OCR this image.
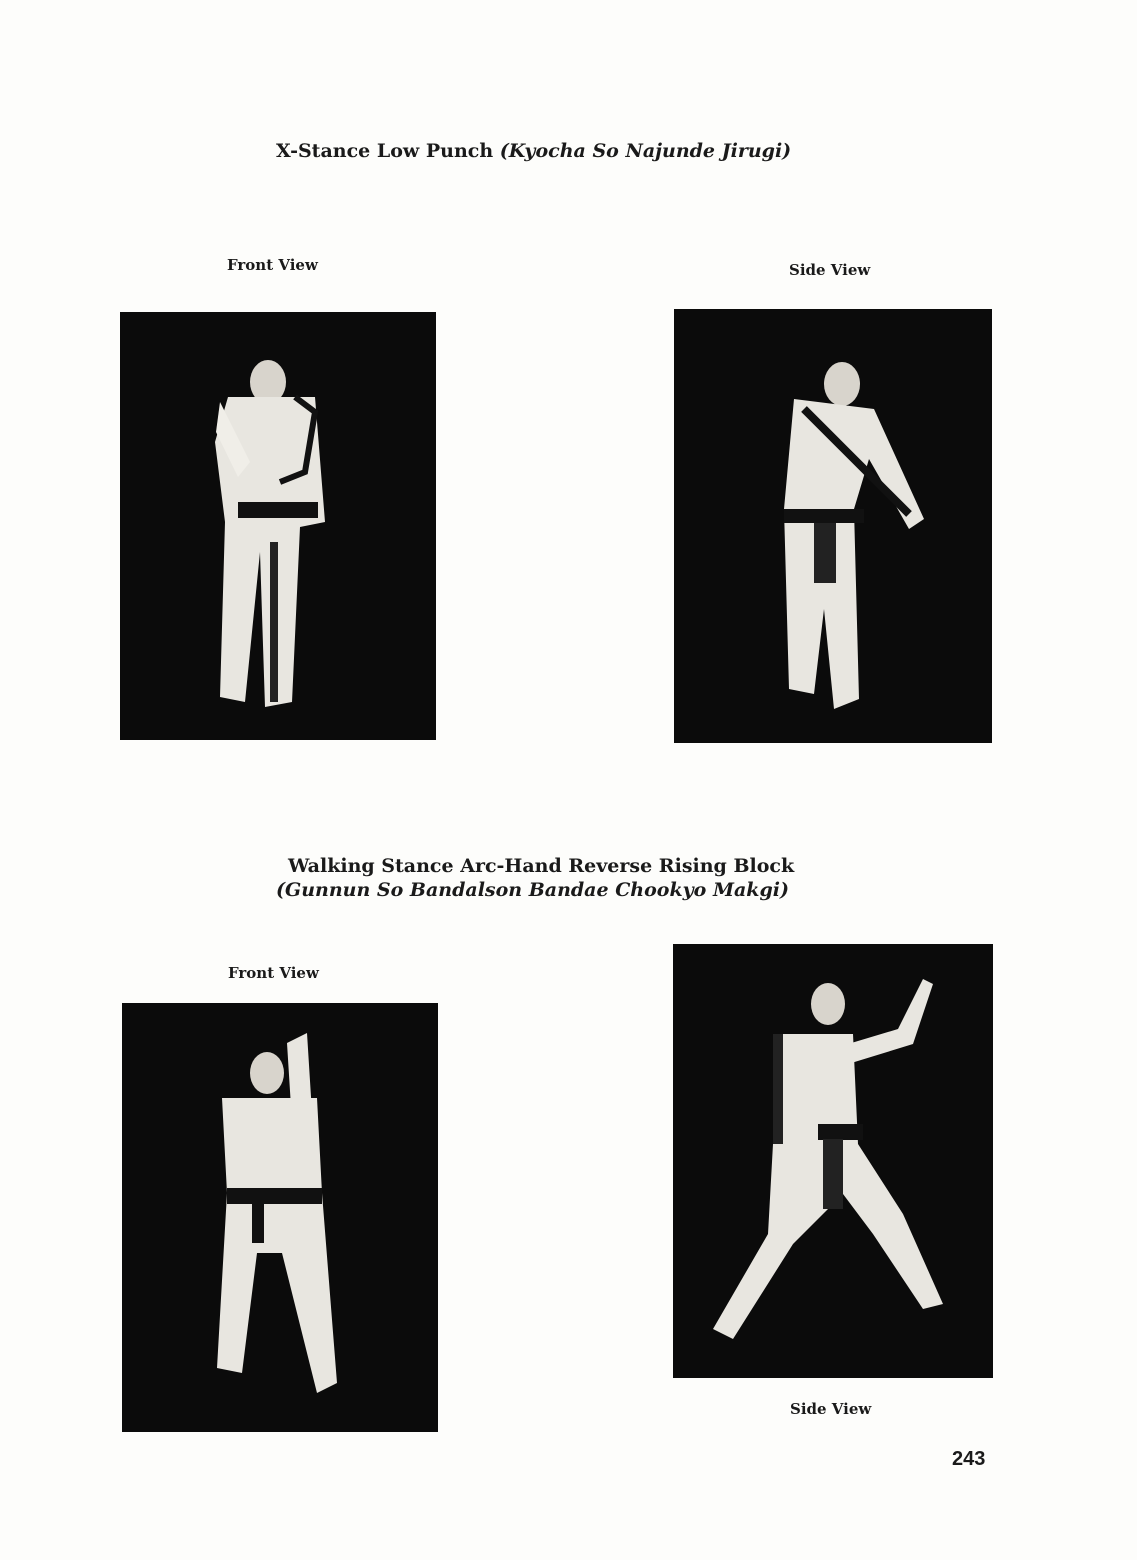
X-Stance Low Punch (Kyocha So Najunde Jirugi)
Front View	Side View
Walking Stance Arc-Hand Reverse Rising Block
(Gunnun So Bandalson Bandae Chookyo Makgi)
Front View
Side View
243
